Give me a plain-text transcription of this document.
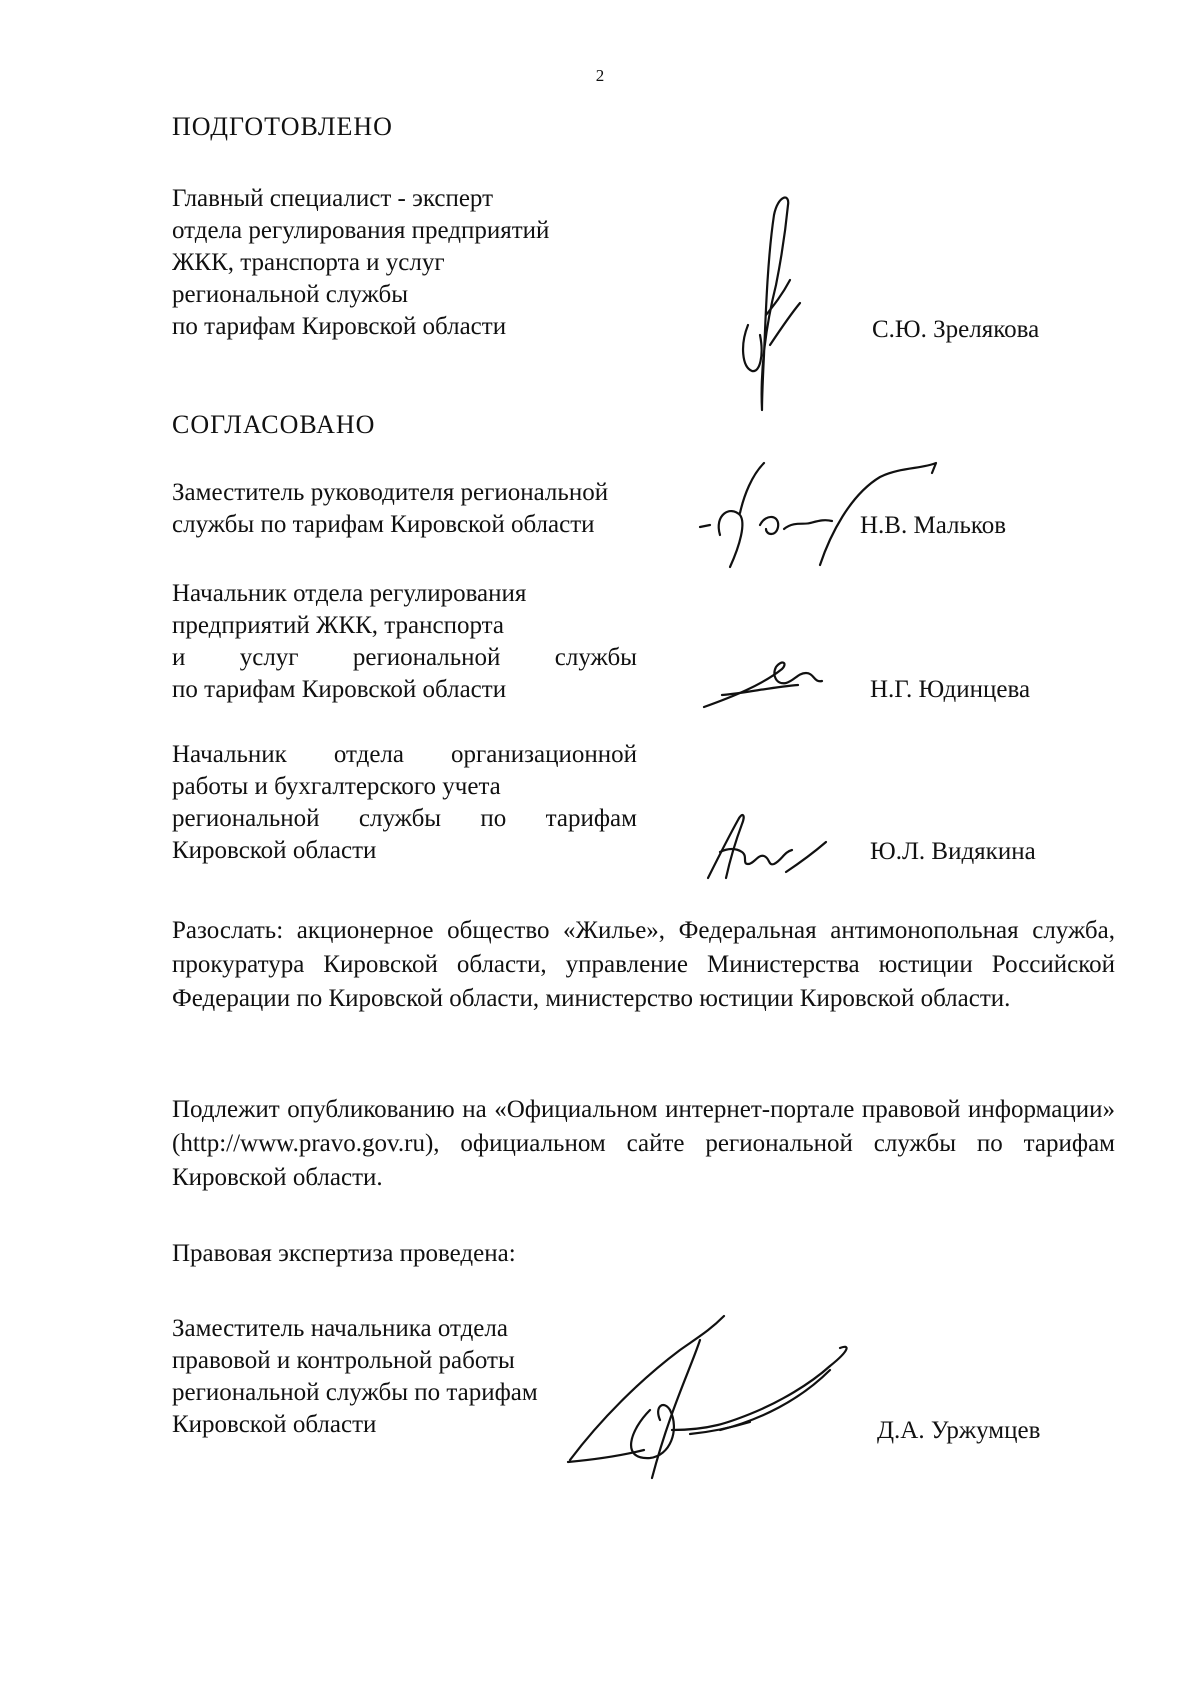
2
ПОДГОТОВЛЕНО
Главный специалист - эксперт
отдела регулирования предприятий
ЖКК, транспорта и услуг
региональной службы
по тарифам Кировской области	С.Ю. Зрелякова
СОГЛАСОВАНО
Заместитель руководителя региональной
службы по тарифам Кировской области	Н.В. Мальков
Начальник отдела регулирования
предприятий ЖКК, транспорта
и услуг региональной службы
по тарифам Кировской области	Н.Г. Юдинцева
Начальник отдела организационной
работы и бухгалтерского учета
региональной службы по тарифам
Кировской области	Ю.Л. Видякина
Разослать: акционерное общество «Жилье», Федеральная антимонопольная служба, прокуратура Кировской области, управление Министерства юстиции Российской Федерации по Кировской области, министерство юстиции Кировской области.
Подлежит опубликованию на «Официальном интернет-портале правовой информации» (http://www.pravo.gov.ru), официальном сайте региональной службы по тарифам Кировской области.
Правовая экспертиза проведена:
Заместитель начальника отдела
правовой и контрольной работы
региональной службы по тарифам
Кировской области	Д.А. Уржумцев
